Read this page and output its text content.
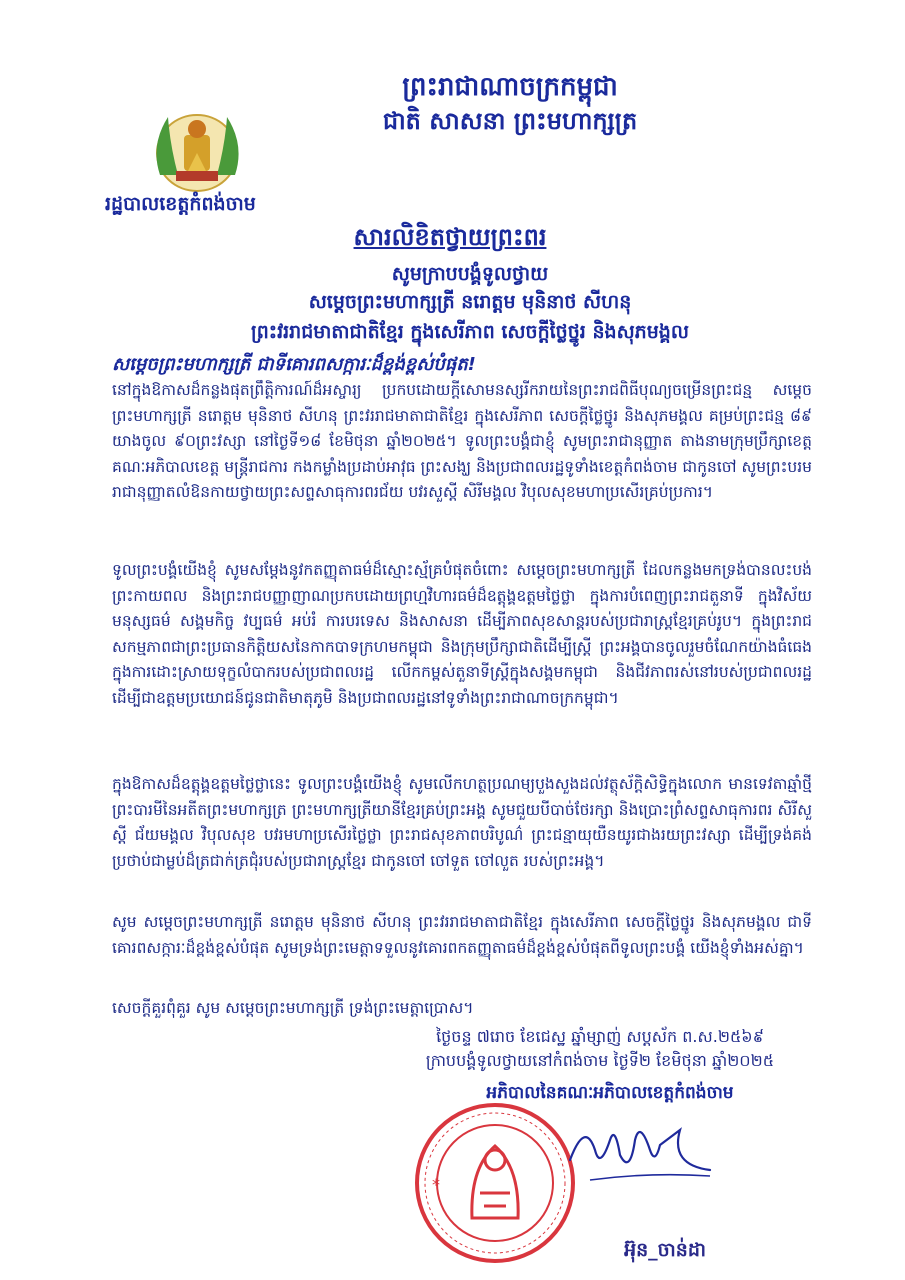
ព្រះរាជាណាចក្រកម្ពុជា
ជាតិ សាសនា ព្រះមហាក្សត្រ
រដ្ឋបាលខេត្តកំពង់ចាម
សារលិខិតថ្វាយព្រះពរ
សូមក្រាបបង្គំទូលថ្វាយ
សម្តេចព្រះមហាក្សត្រី នរោត្តម មុនិនាថ សីហនុ
ព្រះវររាជមាតាជាតិខ្មែរ ក្នុងសេរីភាព សេចក្តីថ្លៃថ្នូរ និងសុភមង្គល
សម្តេចព្រះមហាក្សត្រី ជាទីគោរពសក្ការៈដ៏ខ្ពង់ខ្ពស់បំផុត!

នៅក្នុងឱកាសដ៏កន្លងផុតព្រឹត្តិការណ៍ដ៏អស្ចារ្យ ប្រកបដោយក្តីសោមនស្សរីករាយនៃព្រះរាជពិធីបុណ្យចម្រើនព្រះជន្ម សម្តេចព្រះមហាក្សត្រី នរោត្តម មុនិនាថ សីហនុ ព្រះវររាជមាតាជាតិខ្មែរ ក្នុងសេរីភាព សេចក្តីថ្លៃថ្នូរ និងសុភមង្គល គម្រប់ព្រះជន្ម ៨៩ យាងចូល ៩០ព្រះវស្សា នៅថ្ងៃទី១៨ ខែមិថុនា ឆ្នាំ២០២៥។ ទូលព្រះបង្គំជាខ្ញុំ សូមព្រះរាជានុញ្ញាត តាងនាមក្រុមប្រឹក្សាខេត្ត គណៈអភិបាលខេត្ត មន្ត្រីរាជការ កងកម្លាំងប្រដាប់អាវុធ ព្រះសង្ឃ និងប្រជាពលរដ្ឋទូទាំងខេត្តកំពង់ចាម ជាកូនចៅ សូមព្រះបរមរាជានុញ្ញាតលំឱនកាយថ្វាយព្រះសព្ទសាធុការពរជ័យ បវរសួស្តី សិរីមង្គល វិបុលសុខមហាប្រសើរគ្រប់ប្រការ។

ទូលព្រះបង្គំយើងខ្ញុំ សូមសម្តែងនូវកតញ្ញុតាធម៌ដ៏ស្មោះស្ម័គ្របំផុតចំពោះ សម្តេចព្រះមហាក្សត្រី ដែលកន្លងមកទ្រង់បានលះបង់ ព្រះកាយពល និងព្រះរាជបញ្ញាញាណប្រកបដោយព្រហ្មវិហារធម៌ដ៏ឧត្តុង្គឧត្តមថ្លៃថ្លា ក្នុងការបំពេញព្រះរាជតួនាទី ក្នុងវិស័យមនុស្សធម៌ សង្គមកិច្ច វប្បធម៌ អប់រំ ការបរទេស និងសាសនា ដើម្បីភាពសុខសាន្តរបស់ប្រជារាស្ត្រខ្មែរគ្រប់រូប។ ក្នុងព្រះរាជសកម្មភាពជាព្រះប្រធានកិត្តិយសនៃកាកបាទក្រហមកម្ពុជា និងក្រុមប្រឹក្សាជាតិដើម្បីស្ត្រី ព្រះអង្គបានចូលរួមចំណែកយ៉ាងធំធេងក្នុងការដោះស្រាយទុក្ខលំបាករបស់ប្រជាពលរដ្ឋ លើកកម្ពស់តួនាទីស្ត្រីក្នុងសង្គមកម្ពុជា និងជីវភាពរស់នៅរបស់ប្រជាពលរដ្ឋ ដើម្បីជាឧត្តមប្រយោជន៍ជូនជាតិមាតុភូមិ និងប្រជាពលរដ្ឋនៅទូទាំងព្រះរាជាណាចក្រកម្ពុជា។

ក្នុងឱកាសដ៏ឧត្តុង្គឧត្តមថ្លៃថ្លានេះ ទូលព្រះបង្គំយើងខ្ញុំ សូមលើកហត្ថប្រណម្យបួងសួងដល់វត្ថុស័ក្តិសិទ្ធិក្នុងលោក មានទេវតាឆ្មាំថ្មី ព្រះបារមីនៃអតីតព្រះមហាក្សត្រ ព្រះមហាក្សត្រីយានីខ្មែរគ្រប់ព្រះអង្គ សូមជួយបីបាច់ថែរក្សា និងប្រោះព្រំសព្ទសាធុការពរ សិរីសួស្តី ជ័យមង្គល វិបុលសុខ បវរមហាប្រសើរថ្លៃថ្លា ព្រះរាជសុខភាពបរិបូណ៌ ព្រះជន្មាយុយឺនយូរជាងរយព្រះវស្សា ដើម្បីទ្រង់គង់ប្រថាប់ជាម្លប់ដ៏ត្រជាក់ត្រជុំរបស់ប្រជារាស្ត្រខ្មែរ ជាកូនចៅ ចៅទួត ចៅលួត របស់ព្រះអង្គ។

សូម សម្តេចព្រះមហាក្សត្រី នរោត្តម មុនិនាថ សីហនុ ព្រះវររាជមាតាជាតិខ្មែរ ក្នុងសេរីភាព សេចក្តីថ្លៃថ្នូរ និងសុភមង្គល ជាទីគោរពសក្ការៈដ៏ខ្ពង់ខ្ពស់បំផុត សូមទ្រង់ព្រះមេត្តាទទួលនូវគោរពកតញ្ញុតាធម៌ដ៏ខ្ពង់ខ្ពស់បំផុតពីទូលព្រះបង្គំ យើងខ្ញុំទាំងអស់គ្នា។

សេចក្តីគួរពុំគួរ សូម សម្តេចព្រះមហាក្សត្រី ទ្រង់ព្រះមេត្តាប្រោស។

ថ្ងៃចន្ទ ៧រោច ខែជេស្ឋ ឆ្នាំម្សាញ់ សប្តស័ក ព.ស.២៥៦៩
ក្រាបបង្គំទូលថ្វាយនៅកំពង់ចាម ថ្ងៃទី២ ខែមិថុនា ឆ្នាំ២០២៥
អភិបាលនៃគណៈអភិបាលខេត្តកំពង់ចាម
*
អ៊ុន_ចាន់ដា
